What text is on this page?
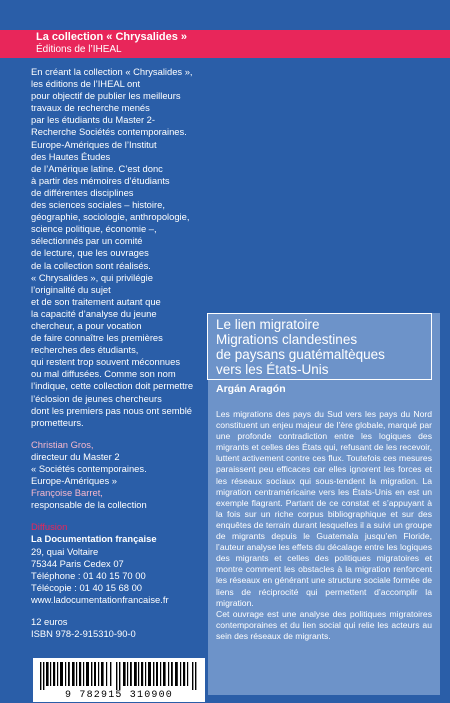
La collection « Chrysalides »
Éditions de l’IHEAL
En créant la collection « Chrysalides »,
les éditions de l’IHEAL ont
pour objectif de publier les meilleurs
travaux de recherche menés
par les étudiants du Master 2-
Recherche Sociétés contemporaines.
Europe-Amériques de l’Institut
des Hautes Études
de l’Amérique latine. C’est donc
à partir des mémoires d’étudiants
de différentes disciplines
des sciences sociales – histoire,
géographie, sociologie, anthropologie,
science politique, économie –,
sélectionnés par un comité
de lecture, que les ouvrages
de la collection sont réalisés.
« Chrysalides », qui privilégie
l’originalité du sujet
et de son traitement autant que
la capacité d’analyse du jeune
chercheur, a pour vocation
de faire connaître les premières
recherches des étudiants,
qui restent trop souvent méconnues
ou mal diffusées. Comme son nom
l’indique, cette collection doit permettre
l’éclosion de jeunes chercheurs
dont les premiers pas nous ont semblé
prometteurs.
Christian Gros,
directeur du Master 2
« Sociétés contemporaines.
Europe-Amériques »
Françoise Barret,
responsable de la collection
Diffusion
La Documentation française
29, quai Voltaire
75344 Paris Cedex 07
Téléphone : 01 40 15 70 00
Télécopie : 01 40 15 68 00
www.ladocumentationfrancaise.fr
12 euros
ISBN 978-2-915310-90-0
Le lien migratoire
Migrations clandestines
de paysans guatémaltèques
vers les États-Unis
Argán Aragón

Les migrations des pays du Sud vers les pays du Nord constituent un enjeu majeur de l’ère globale, marqué par une profonde contradiction entre les logiques des migrants et celles des États qui, refusant de les recevoir, luttent activement contre ces flux. Toutefois ces mesures paraissent peu efficaces car elles ignorent les forces et les réseaux sociaux qui sous-tendent la migration. La migration centraméricaine vers les États-Unis en est un exemple flagrant. Partant de ce constat et s’appuyant à la fois sur un riche corpus bibliographique et sur des enquêtes de terrain durant lesquelles il a suivi un groupe de migrants depuis le Guatemala jusqu’en Floride, l’auteur analyse les effets du décalage entre les logiques des migrants et celles des politiques migratoires et montre comment les obstacles à la migration renforcent les réseaux en générant une structure sociale formée de liens de réciprocité qui permettent d’accomplir la migration.

Cet ouvrage est une analyse des politiques migratoires contemporaines et du lien social qui relie les acteurs au sein des réseaux de migrants.

9 782915 310900
